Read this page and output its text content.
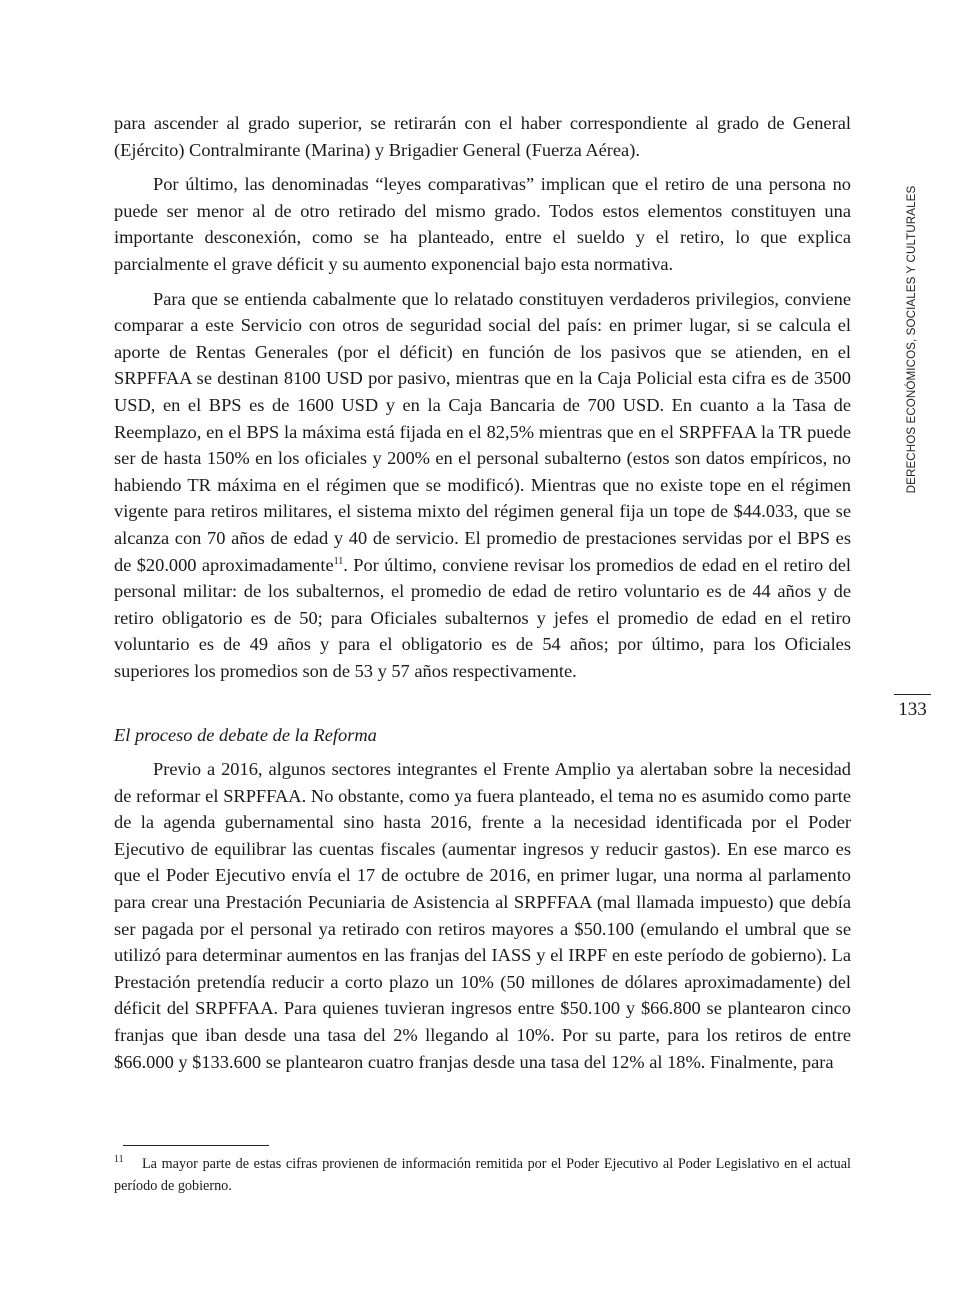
para ascender al grado superior, se retirarán con el haber correspondiente al grado de General (Ejército) Contralmirante (Marina) y Brigadier General (Fuerza Aérea).

Por último, las denominadas “leyes comparativas” implican que el retiro de una persona no puede ser menor al de otro retirado del mismo grado. Todos estos elementos constituyen una importante desconexión, como se ha planteado, entre el sueldo y el retiro, lo que explica parcialmente el grave déficit y su aumento exponencial bajo esta normativa.

Para que se entienda cabalmente que lo relatado constituyen verdaderos privilegios, conviene comparar a este Servicio con otros de seguridad social del país: en primer lugar, si se calcula el aporte de Rentas Generales (por el déficit) en función de los pasivos que se atienden, en el SRPFFAA se destinan 8100 USD por pasivo, mientras que en la Caja Policial esta cifra es de 3500 USD, en el BPS es de 1600 USD y en la Caja Bancaria de 700 USD. En cuanto a la Tasa de Reemplazo, en el BPS la máxima está fijada en el 82,5% mientras que en el SRPFFAA la TR puede ser de hasta 150% en los oficiales y 200% en el personal subalterno (estos son datos empíricos, no habiendo TR máxima en el régimen que se modificó). Mientras que no existe tope en el régimen vigente para retiros militares, el sistema mixto del régimen general fija un tope de $44.033, que se alcanza con 70 años de edad y 40 de servicio. El promedio de prestaciones servidas por el BPS es de $20.000 aproximadamente$^{11}$. Por último, conviene revisar los promedios de edad en el retiro del personal militar: de los subalternos, el promedio de edad de retiro voluntario es de 44 años y de retiro obligatorio es de 50; para Oficiales subalternos y jefes el promedio de edad en el retiro voluntario es de 49 años y para el obligatorio es de 54 años; por último, para los Oficiales superiores los promedios son de 53 y 57 años respectivamente.

El proceso de debate de la Reforma

Previo a 2016, algunos sectores integrantes el Frente Amplio ya alertaban sobre la necesidad de reformar el SRPFFAA. No obstante, como ya fuera planteado, el tema no es asumido como parte de la agenda gubernamental sino hasta 2016, frente a la necesidad identificada por el Poder Ejecutivo de equilibrar las cuentas fiscales (aumentar ingresos y reducir gastos). En ese marco es que el Poder Ejecutivo envía el 17 de octubre de 2016, en primer lugar, una norma al parlamento para crear una Prestación Pecuniaria de Asistencia al SRPFFAA (mal llamada impuesto) que debía ser pagada por el personal ya retirado con retiros mayores a $50.100 (emulando el umbral que se utilizó para determinar aumentos en las franjas del IASS y el IRPF en este período de gobierno). La Prestación pretendía reducir a corto plazo un 10% (50 millones de dólares aproximadamente) del déficit del SRPFFAA. Para quienes tuvieran ingresos entre $50.100 y $66.800 se plantearon cinco franjas que iban desde una tasa del 2% llegando al 10%. Por su parte, para los retiros de entre $66.000 y $133.600 se plantearon cuatro franjas desde una tasa del 12% al 18%. Finalmente, para

11 La mayor parte de estas cifras provienen de información remitida por el Poder Ejecutivo al Poder Legislativo en el actual período de gobierno.

DERECHOS ECONÓMICOS, SOCIALES Y CULTURALES
133
